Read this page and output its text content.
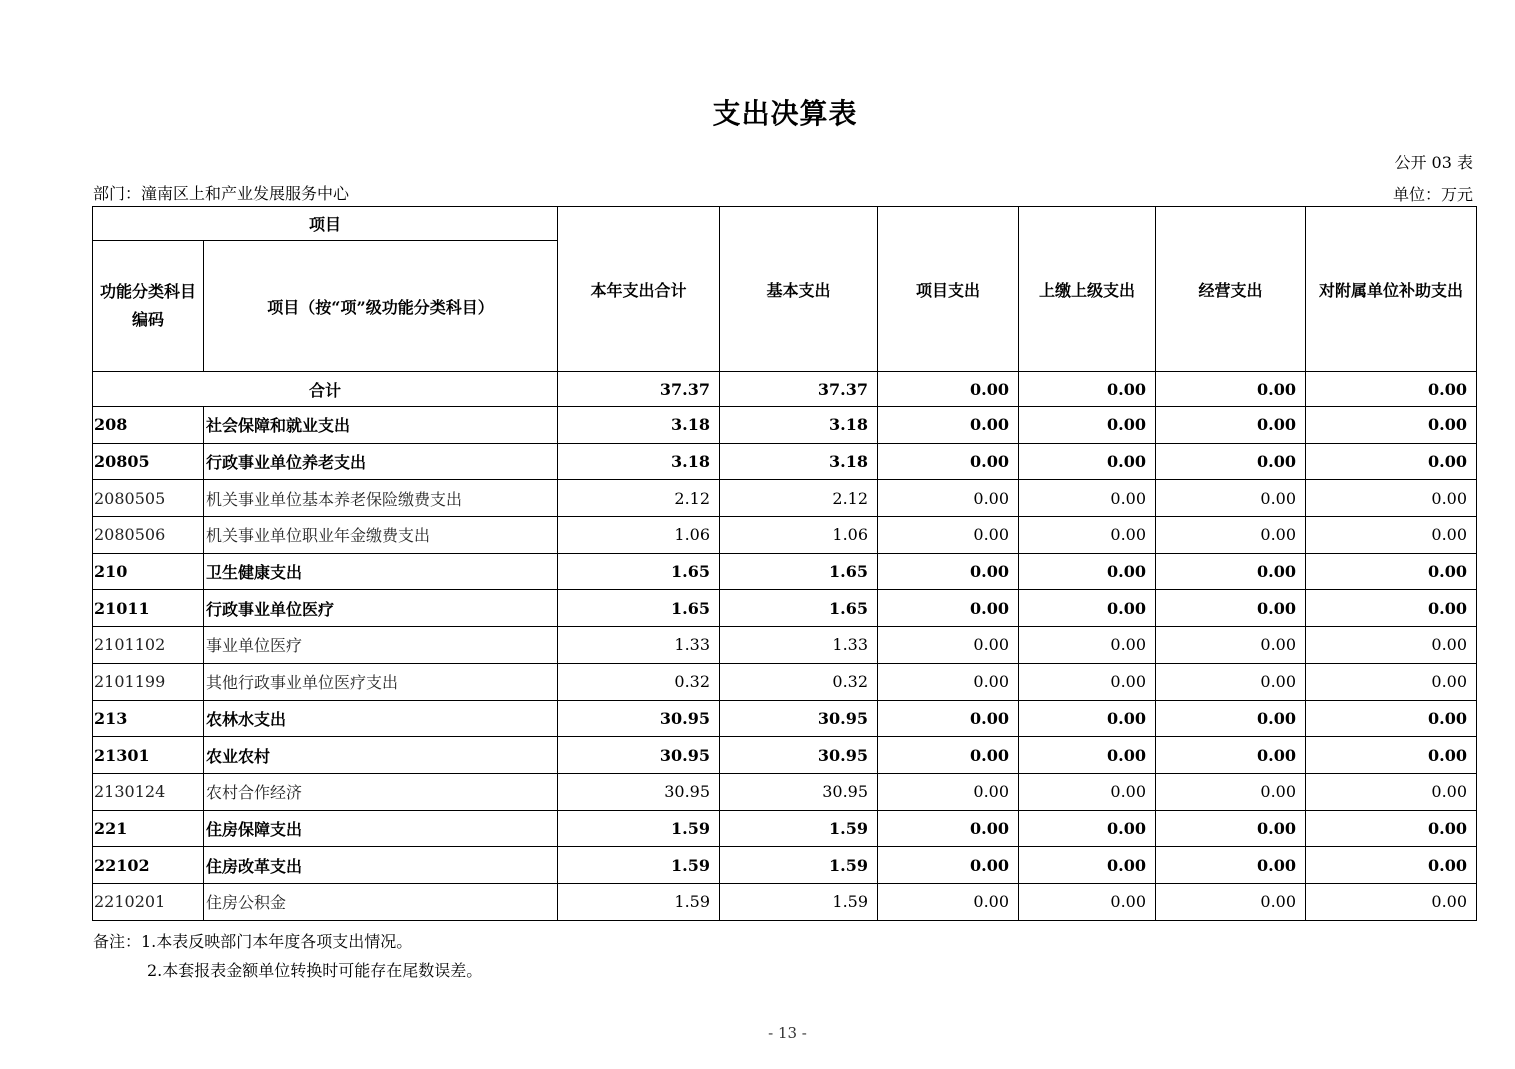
支出决算表
公开 03 表
部门：潼南区上和产业发展服务中心	单位：万元
项目		本年支出合计	基本支出	项目支出	上缴上级支出	经营支出	对附属单位补助支出
功能分类科目编码	项目（按“项”级功能分类科目）						
合计		37.37	37.37	0.00	0.00	0.00	0.00
208	社会保障和就业支出	3.18	3.18	0.00	0.00	0.00	0.00
20805	行政事业单位养老支出	3.18	3.18	0.00	0.00	0.00	0.00
2080505	机关事业单位基本养老保险缴费支出	2.12	2.12	0.00	0.00	0.00	0.00
2080506	机关事业单位职业年金缴费支出	1.06	1.06	0.00	0.00	0.00	0.00
210	卫生健康支出	1.65	1.65	0.00	0.00	0.00	0.00
21011	行政事业单位医疗	1.65	1.65	0.00	0.00	0.00	0.00
2101102	事业单位医疗	1.33	1.33	0.00	0.00	0.00	0.00
2101199	其他行政事业单位医疗支出	0.32	0.32	0.00	0.00	0.00	0.00
213	农林水支出	30.95	30.95	0.00	0.00	0.00	0.00
21301	农业农村	30.95	30.95	0.00	0.00	0.00	0.00
2130124	农村合作经济	30.95	30.95	0.00	0.00	0.00	0.00
221	住房保障支出	1.59	1.59	0.00	0.00	0.00	0.00
22102	住房改革支出	1.59	1.59	0.00	0.00	0.00	0.00
2210201	住房公积金	1.59	1.59	0.00	0.00	0.00	0.00
备注：1.本表反映部门本年度各项支出情况。
2.本套报表金额单位转换时可能存在尾数误差。
- 13 -
